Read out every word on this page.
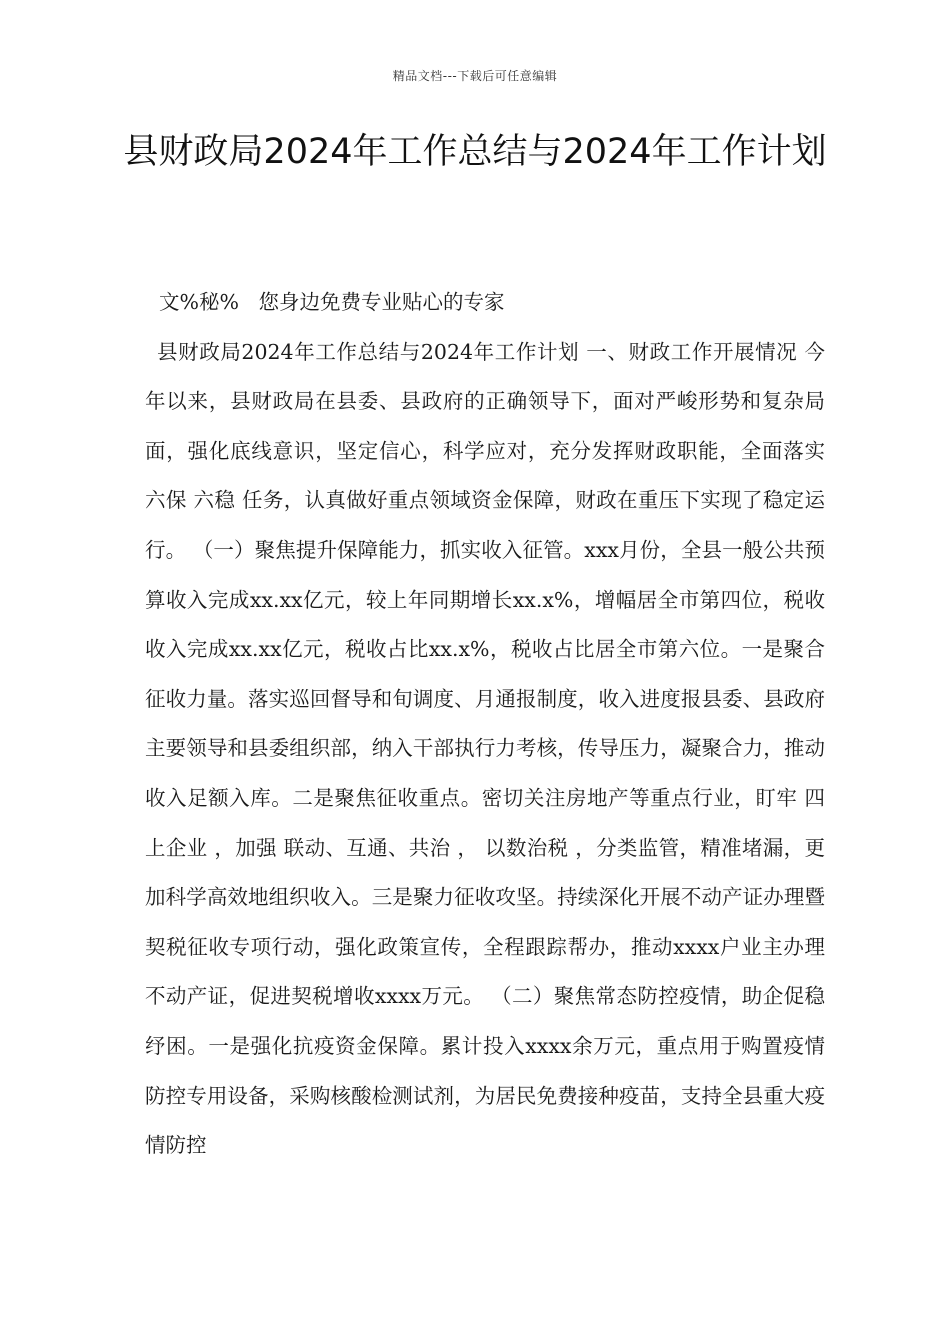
精品文档---下载后可任意编辑
县财政局2024年工作总结与2024年工作计划
文%秘%   您身边免费专业贴心的专家
县财政局2024年工作总结与2024年工作计划 一、财政工作开展情况 今年以来，县财政局在县委、县政府的正确领导下，面对严峻形势和复杂局面，强化底线意识，坚定信心，科学应对，充分发挥财政职能，全面落实 六保 六稳 任务，认真做好重点领域资金保障，财政在重压下实现了稳定运行。 （一）聚焦提升保障能力，抓实收入征管。xxx月份，全县一般公共预算收入完成xx.xx亿元，较上年同期增长xx.x%，增幅居全市第四位，税收收入完成xx.xx亿元，税收占比xx.x%，税收占比居全市第六位。一是聚合征收力量。落实巡回督导和旬调度、月通报制度，收入进度报县委、县政府主要领导和县委组织部，纳入干部执行力考核，传导压力，凝聚合力，推动收入足额入库。二是聚焦征收重点。密切关注房地产等重点行业，盯牢 四上企业 ，加强 联动、互通、共治 ， 以数治税 ，分类监管，精准堵漏，更加科学高效地组织收入。三是聚力征收攻坚。持续深化开展不动产证办理暨契税征收专项行动，强化政策宣传，全程跟踪帮办，推动xxxx户业主办理不动产证，促进契税增收xxxx万元。 （二）聚焦常态防控疫情，助企促稳纾困。一是强化抗疫资金保障。累计投入xxxx余万元，重点用于购置疫情防控专用设备，采购核酸检测试剂，为居民免费接种疫苗，支持全县重大疫情防控
